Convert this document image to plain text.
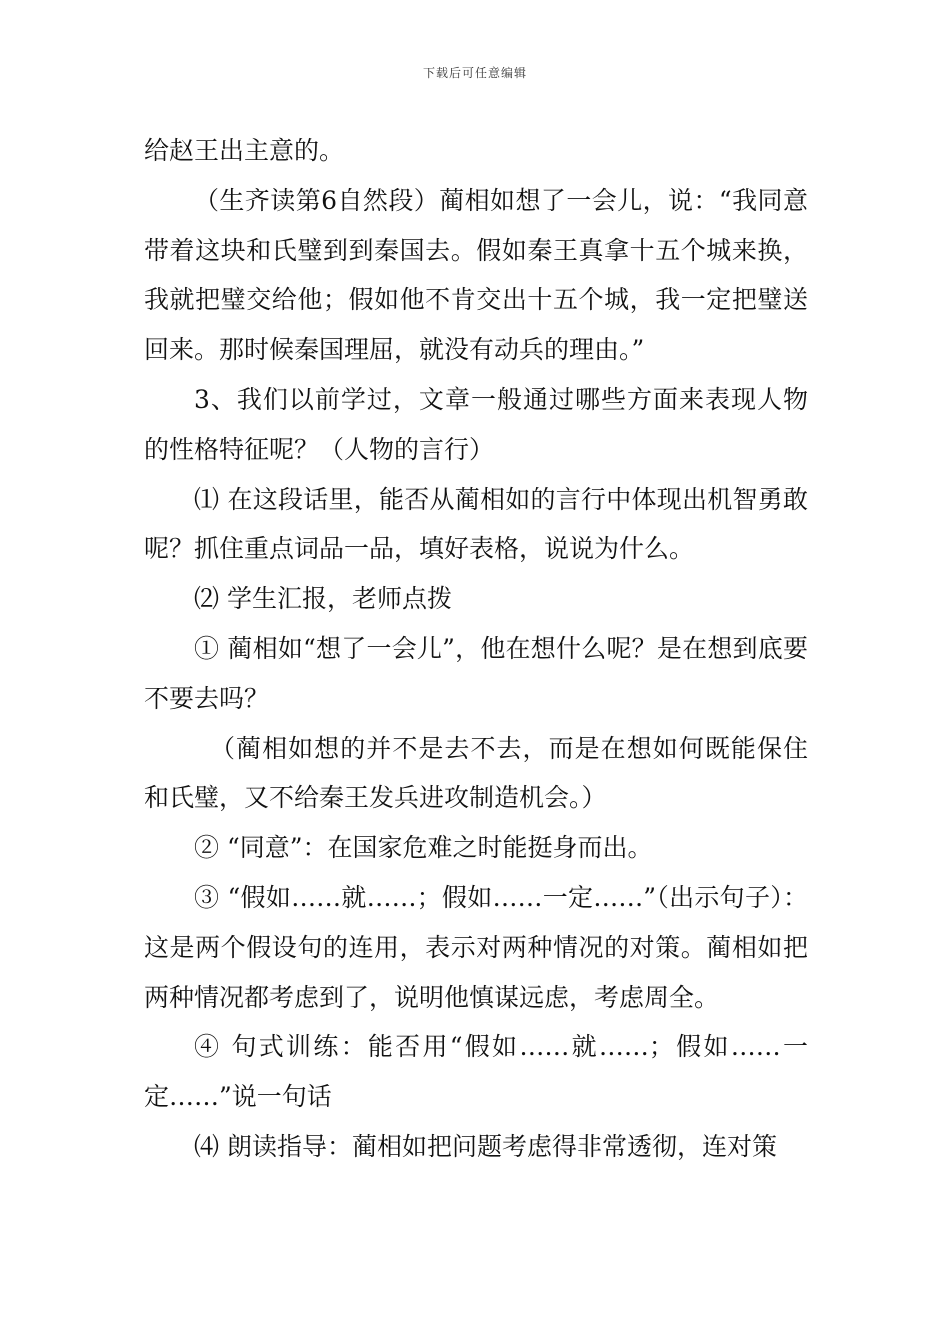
下载后可任意编辑

给赵王出主意的。

（生齐读第6自然段）蔺相如想了一会儿，说：“我同意带着这块和氏璧到到秦国去。假如秦王真拿十五个城来换，我就把璧交给他；假如他不肯交出十五个城，我一定把璧送回来。那时候秦国理屈，就没有动兵的理由。”

3、我们以前学过，文章一般通过哪些方面来表现人物的性格特征呢？（人物的言行）

⑴ 在这段话里，能否从蔺相如的言行中体现出机智勇敢呢？抓住重点词品一品，填好表格，说说为什么。

⑵ 学生汇报，老师点拨

① 蔺相如“想了一会儿”，他在想什么呢？是在想到底要不要去吗？

（蔺相如想的并不是去不去，而是在想如何既能保住和氏璧，又不给秦王发兵进攻制造机会。）

② “同意”：在国家危难之时能挺身而出。

③ “假如……就……；假如……一定……”（出示句子）：这是两个假设句的连用，表示对两种情况的对策。蔺相如把两种情况都考虑到了，说明他慎谋远虑，考虑周全。

④ 句式训练：能否用“假如……就……；假如……一定……”说一句话

⑷ 朗读指导：蔺相如把问题考虑得非常透彻，连对策
